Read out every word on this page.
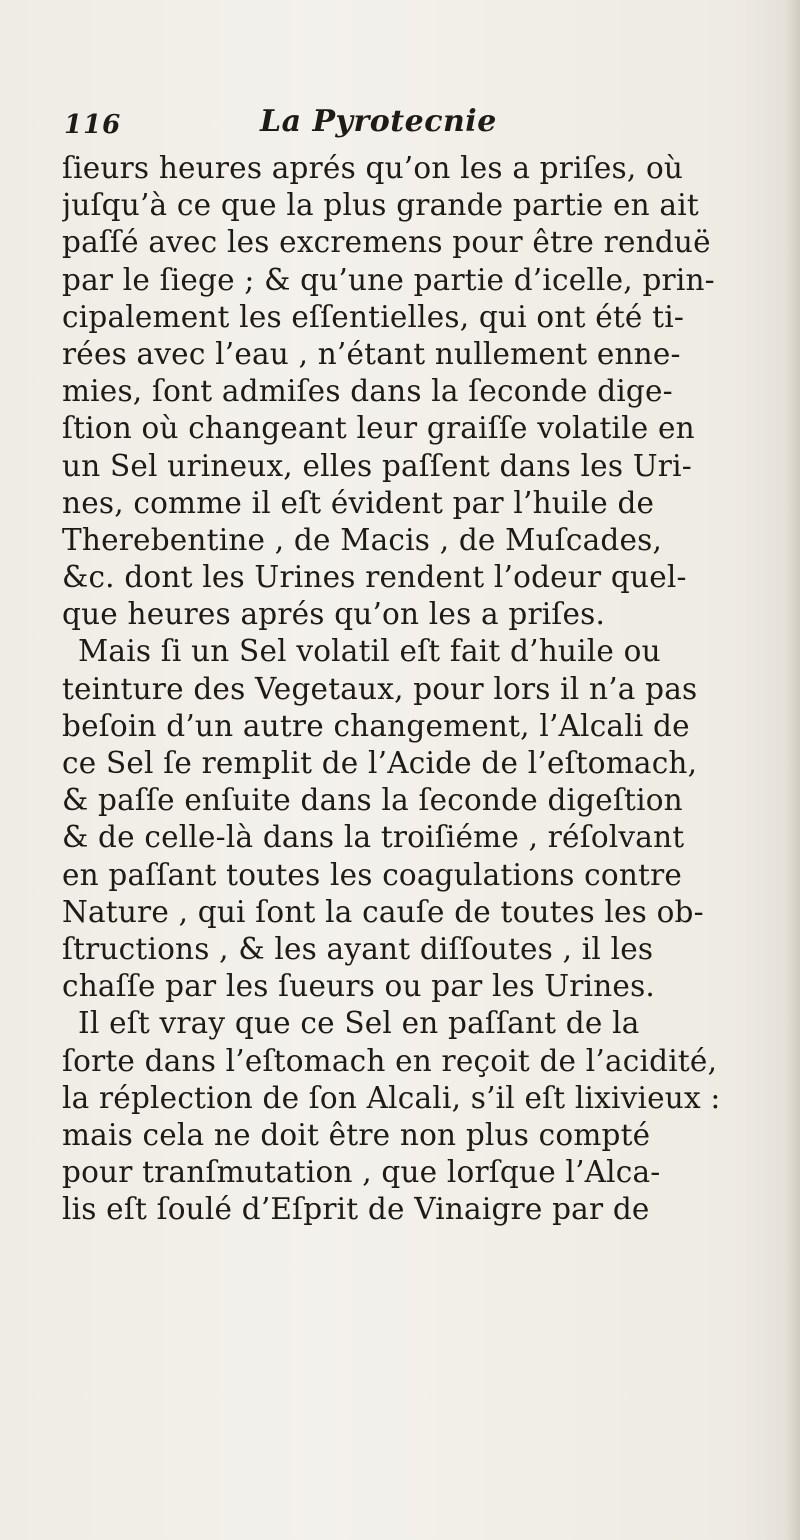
116	La Pyrotecnie
ſieurs heures aprés qu’on les a priſes, où
juſqu’à ce que la plus grande partie en ait
paſſé avec les excremens pour être renduë
par le ſiege ; & qu’une partie d’icelle, prin-
cipalement les eſſentielles, qui ont été ti-
rées avec l’eau , n’étant nullement enne-
mies, ſont admiſes dans la ſeconde dige-
ſtion où changeant leur graiſſe volatile en
un Sel urineux, elles paſſent dans les Uri-
nes, comme il eſt évident par l’huile de
Therebentine , de Macis , de Muſcades,
&c. dont les Urines rendent l’odeur quel-
que heures aprés qu’on les a priſes.
Mais ſi un Sel volatil eſt fait d’huile ou
teinture des Vegetaux, pour lors il n’a pas
beſoin d’un autre changement, l’Alcali de
ce Sel ſe remplit de l’Acide de l’eſtomach,
& paſſe enſuite dans la ſeconde digeſtion
& de celle-là dans la troiſiéme , réſolvant
en paſſant toutes les coagulations contre
Nature , qui ſont la cauſe de toutes les ob-
ſtructions , & les ayant diſſoutes , il les
chaſſe par les ſueurs ou par les Urines.
Il eſt vray que ce Sel en paſſant de la
ſorte dans l’eſtomach en reçoit de l’acidité,
la réplection de ſon Alcali, s’il eſt lixivieux :
mais cela ne doit être non plus compté
pour tranſmutation , que lorſque l’Alca-
lis eſt ſoulé d’Eſprit de Vinaigre par de
